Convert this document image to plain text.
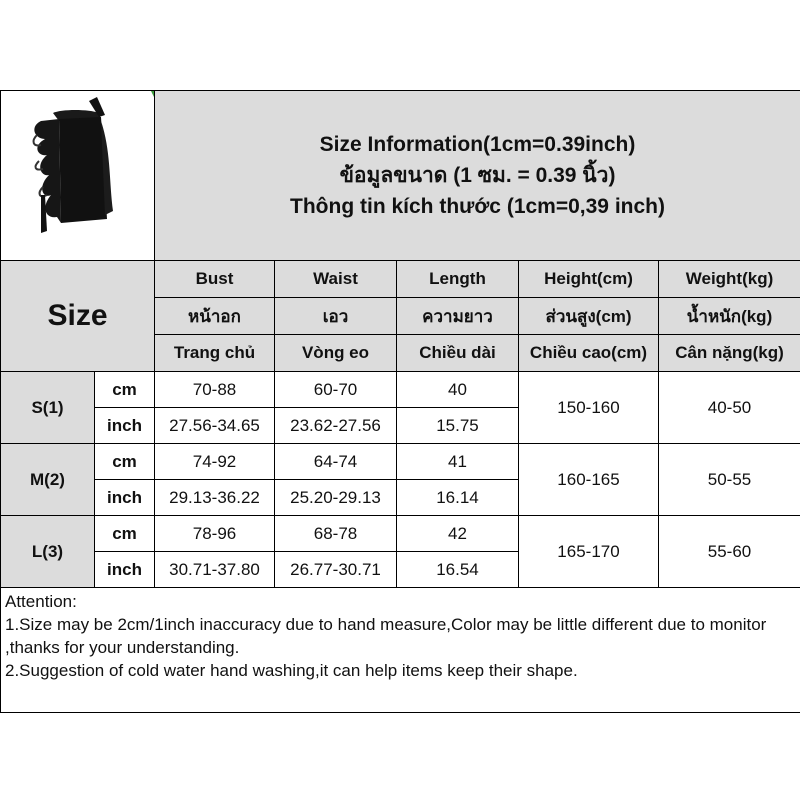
Size Information(1cm=0.39inch)
ข้อมูลขนาด (1 ซม. = 0.39 นิ้ว)
Thông tin kích thước (1cm=0,39 inch)				

Size		Bust	Waist	Length	Height(cm)	Weight(kg)
		หน้าอก	เอว	ความยาว	ส่วนสูง(cm)	น้ำหนัก(kg)
		Trang chủ	Vòng eo	Chiều dài	Chiều cao(cm)	Cân nặng(kg)
S(1)	cm	70-88	60-70	40	150-160	40-50
	inch	27.56-34.65	23.62-27.56	15.75		
M(2)	cm	74-92	64-74	41	160-165	50-55
	inch	29.13-36.22	25.20-29.13	16.14		
L(3)	cm	78-96	68-78	42	165-170	55-60
	inch	30.71-37.80	26.77-30.71	16.54		

Attention:
1.Size may be 2cm/1inch inaccuracy due to hand measure,Color may be little different due to monitor ,thanks for your understanding.
2.Suggestion of cold water hand washing,it can help items keep their shape.						
